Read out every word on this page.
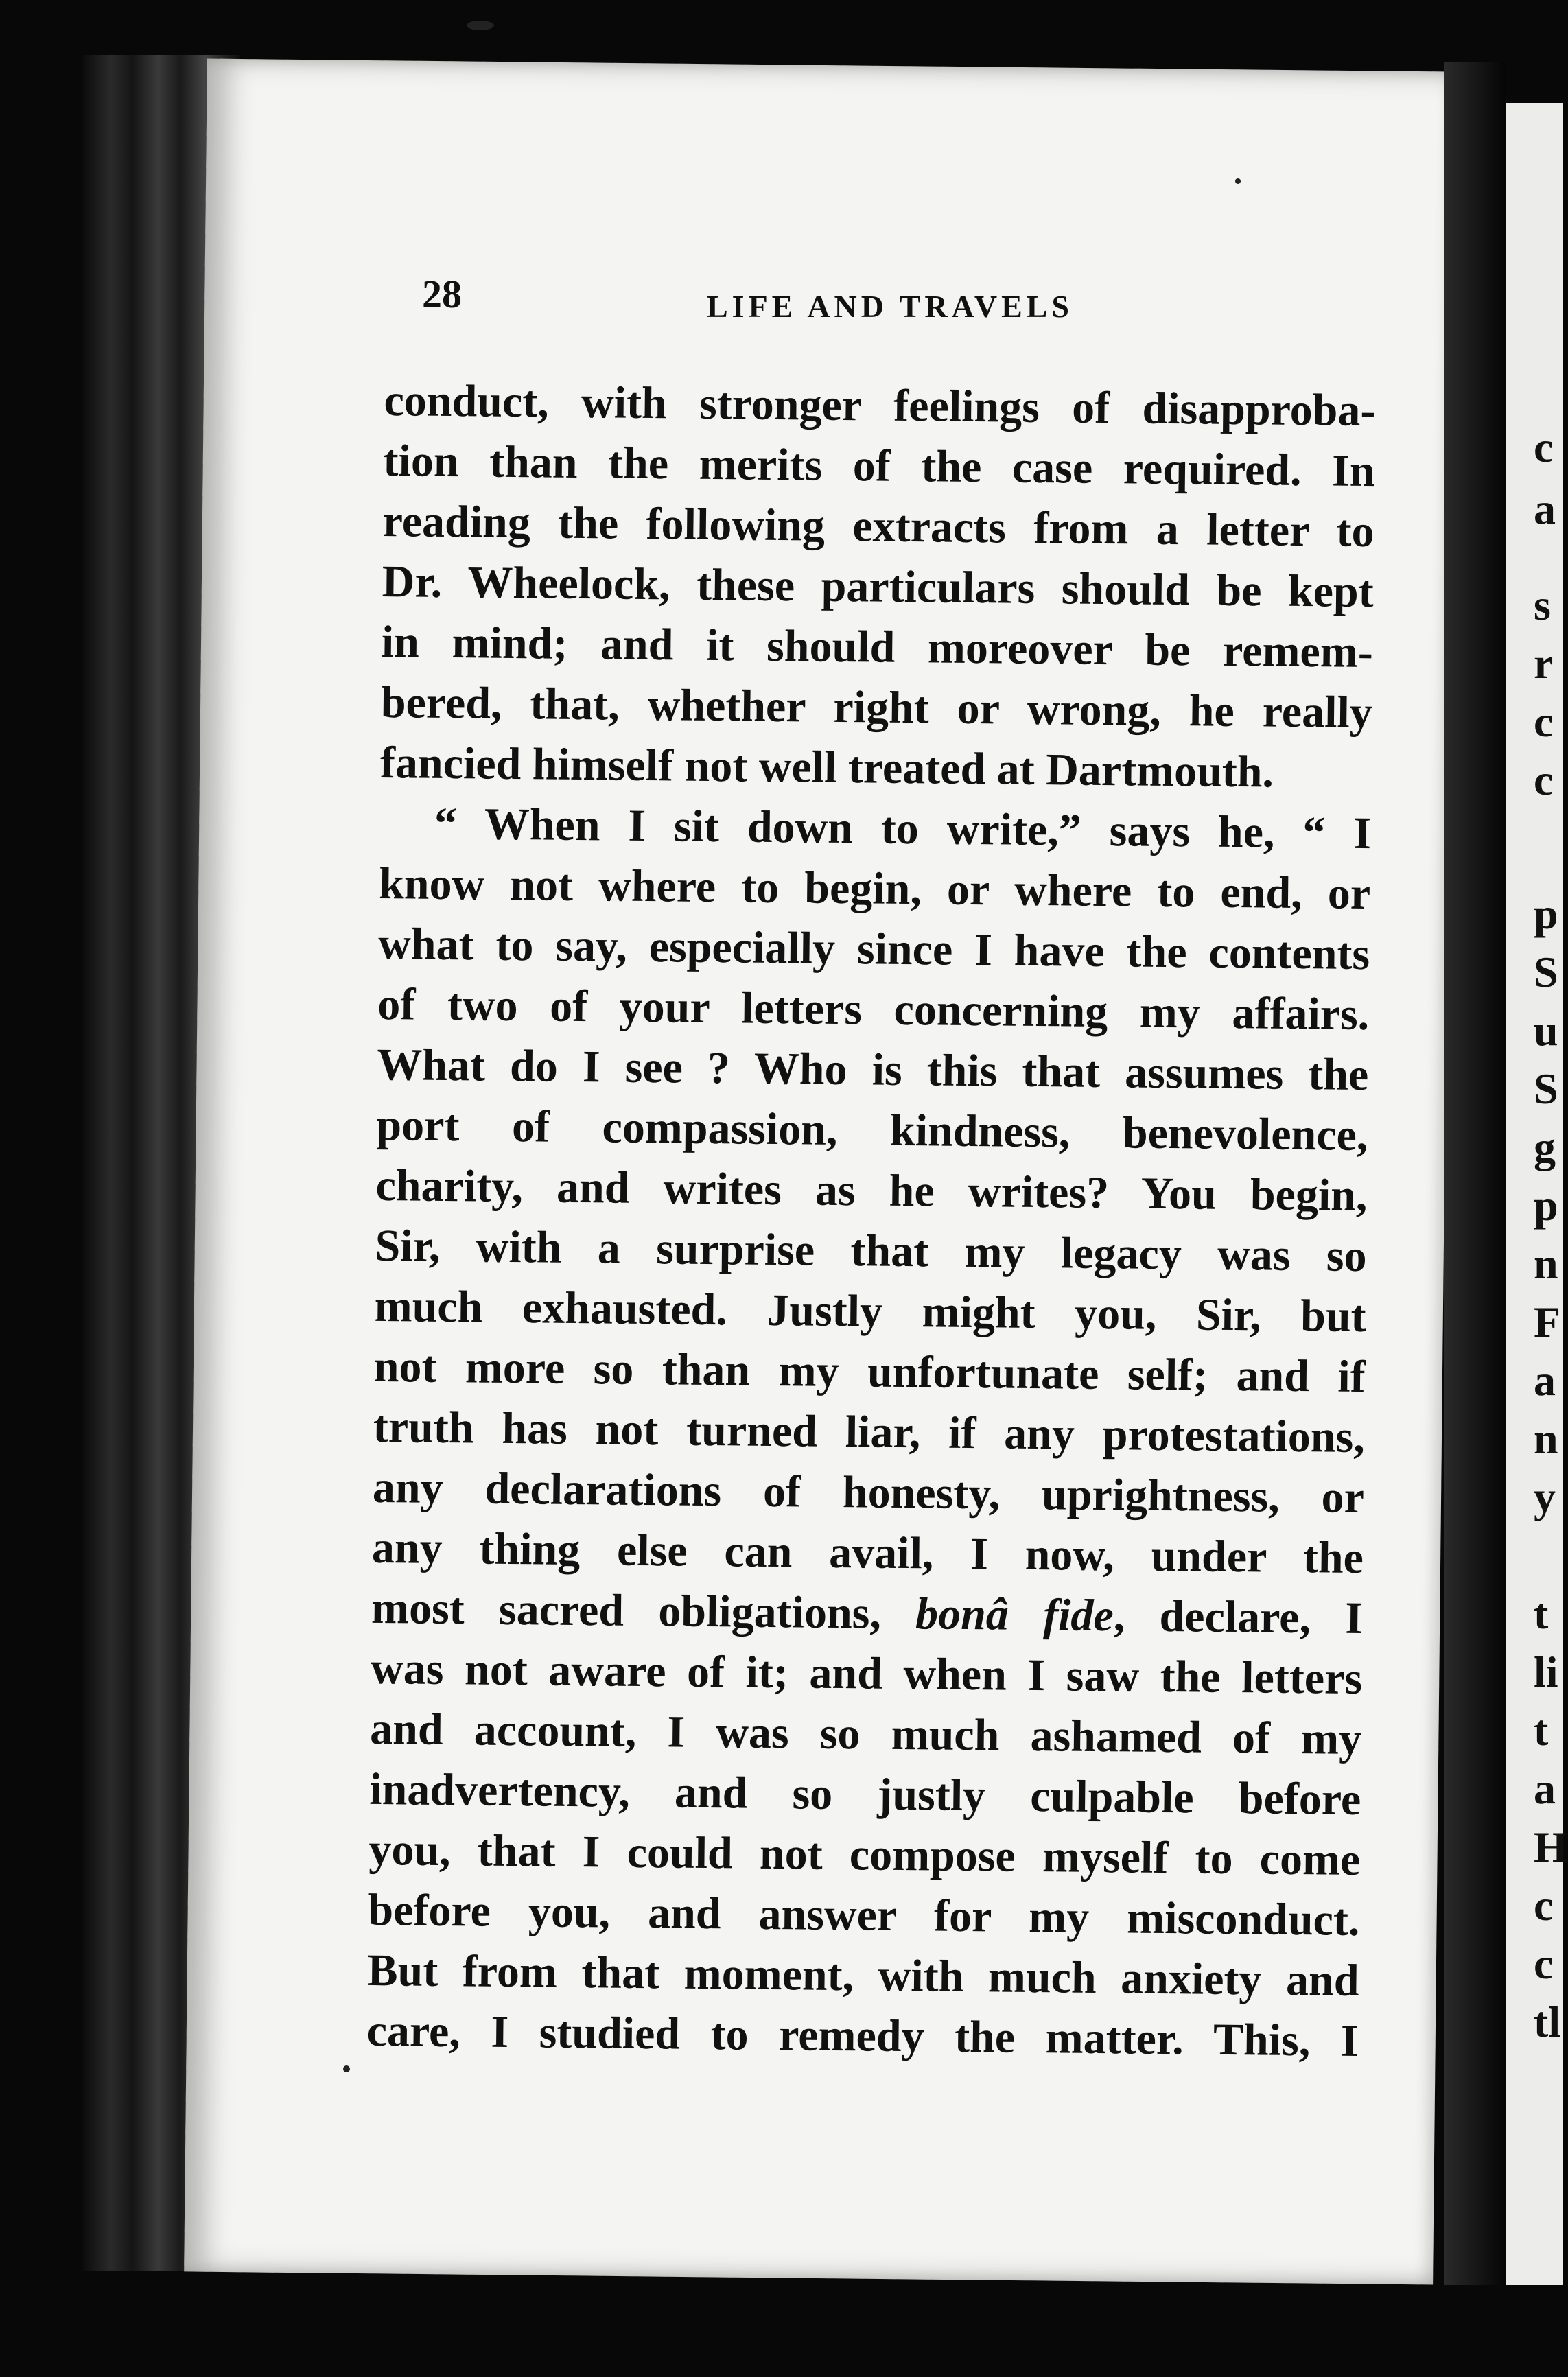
c
a
s
r
c
c
p
S
u
S
g
p
n
F
a
n
y
t
li
t
a
H
c
c
tl
28	LIFE AND TRAVELS
conduct, with stronger feelings of disapproba-
tion than the merits of the case required. In
reading the following extracts from a letter to
Dr. Wheelock, these particulars should be kept
in mind; and it should moreover be remem-
bered, that, whether right or wrong, he really
fancied himself not well treated at Dartmouth.
“ When I sit down to write,” says he, “ I
know not where to begin, or where to end, or
what to say, especially since I have the contents
of two of your letters concerning my affairs.
What do I see ? Who is this that assumes the
port of compassion, kindness, benevolence,
charity, and writes as he writes? You begin,
Sir, with a surprise that my legacy was so
much exhausted. Justly might you, Sir, but
not more so than my unfortunate self; and if
truth has not turned liar, if any protestations,
any declarations of honesty, uprightness, or
any thing else can avail, I now, under the
most sacred obligations, bonâ fide, declare, I
was not aware of it; and when I saw the letters
and account, I was so much ashamed of my
inadvertency, and so justly culpable before
you, that I could not compose myself to come
before you, and answer for my misconduct.
But from that moment, with much anxiety and
care, I studied to remedy the matter. This, I
